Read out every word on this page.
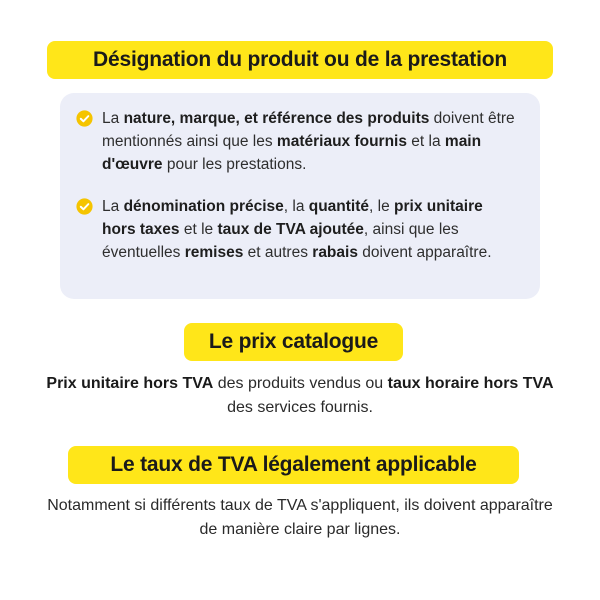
Désignation du produit ou de la prestation
La nature, marque, et référence des produits doivent être mentionnés ainsi que les matériaux fournis et la main d'œuvre pour les prestations.
La dénomination précise, la quantité, le prix unitaire hors taxes et le taux de TVA ajoutée, ainsi que les éventuelles remises et autres rabais doivent apparaître.
Le prix catalogue
Prix unitaire hors TVA des produits vendus ou taux horaire hors TVA des services fournis.
Le taux de TVA légalement applicable
Notamment si différents taux de TVA s'appliquent, ils doivent apparaître de manière claire par lignes.
